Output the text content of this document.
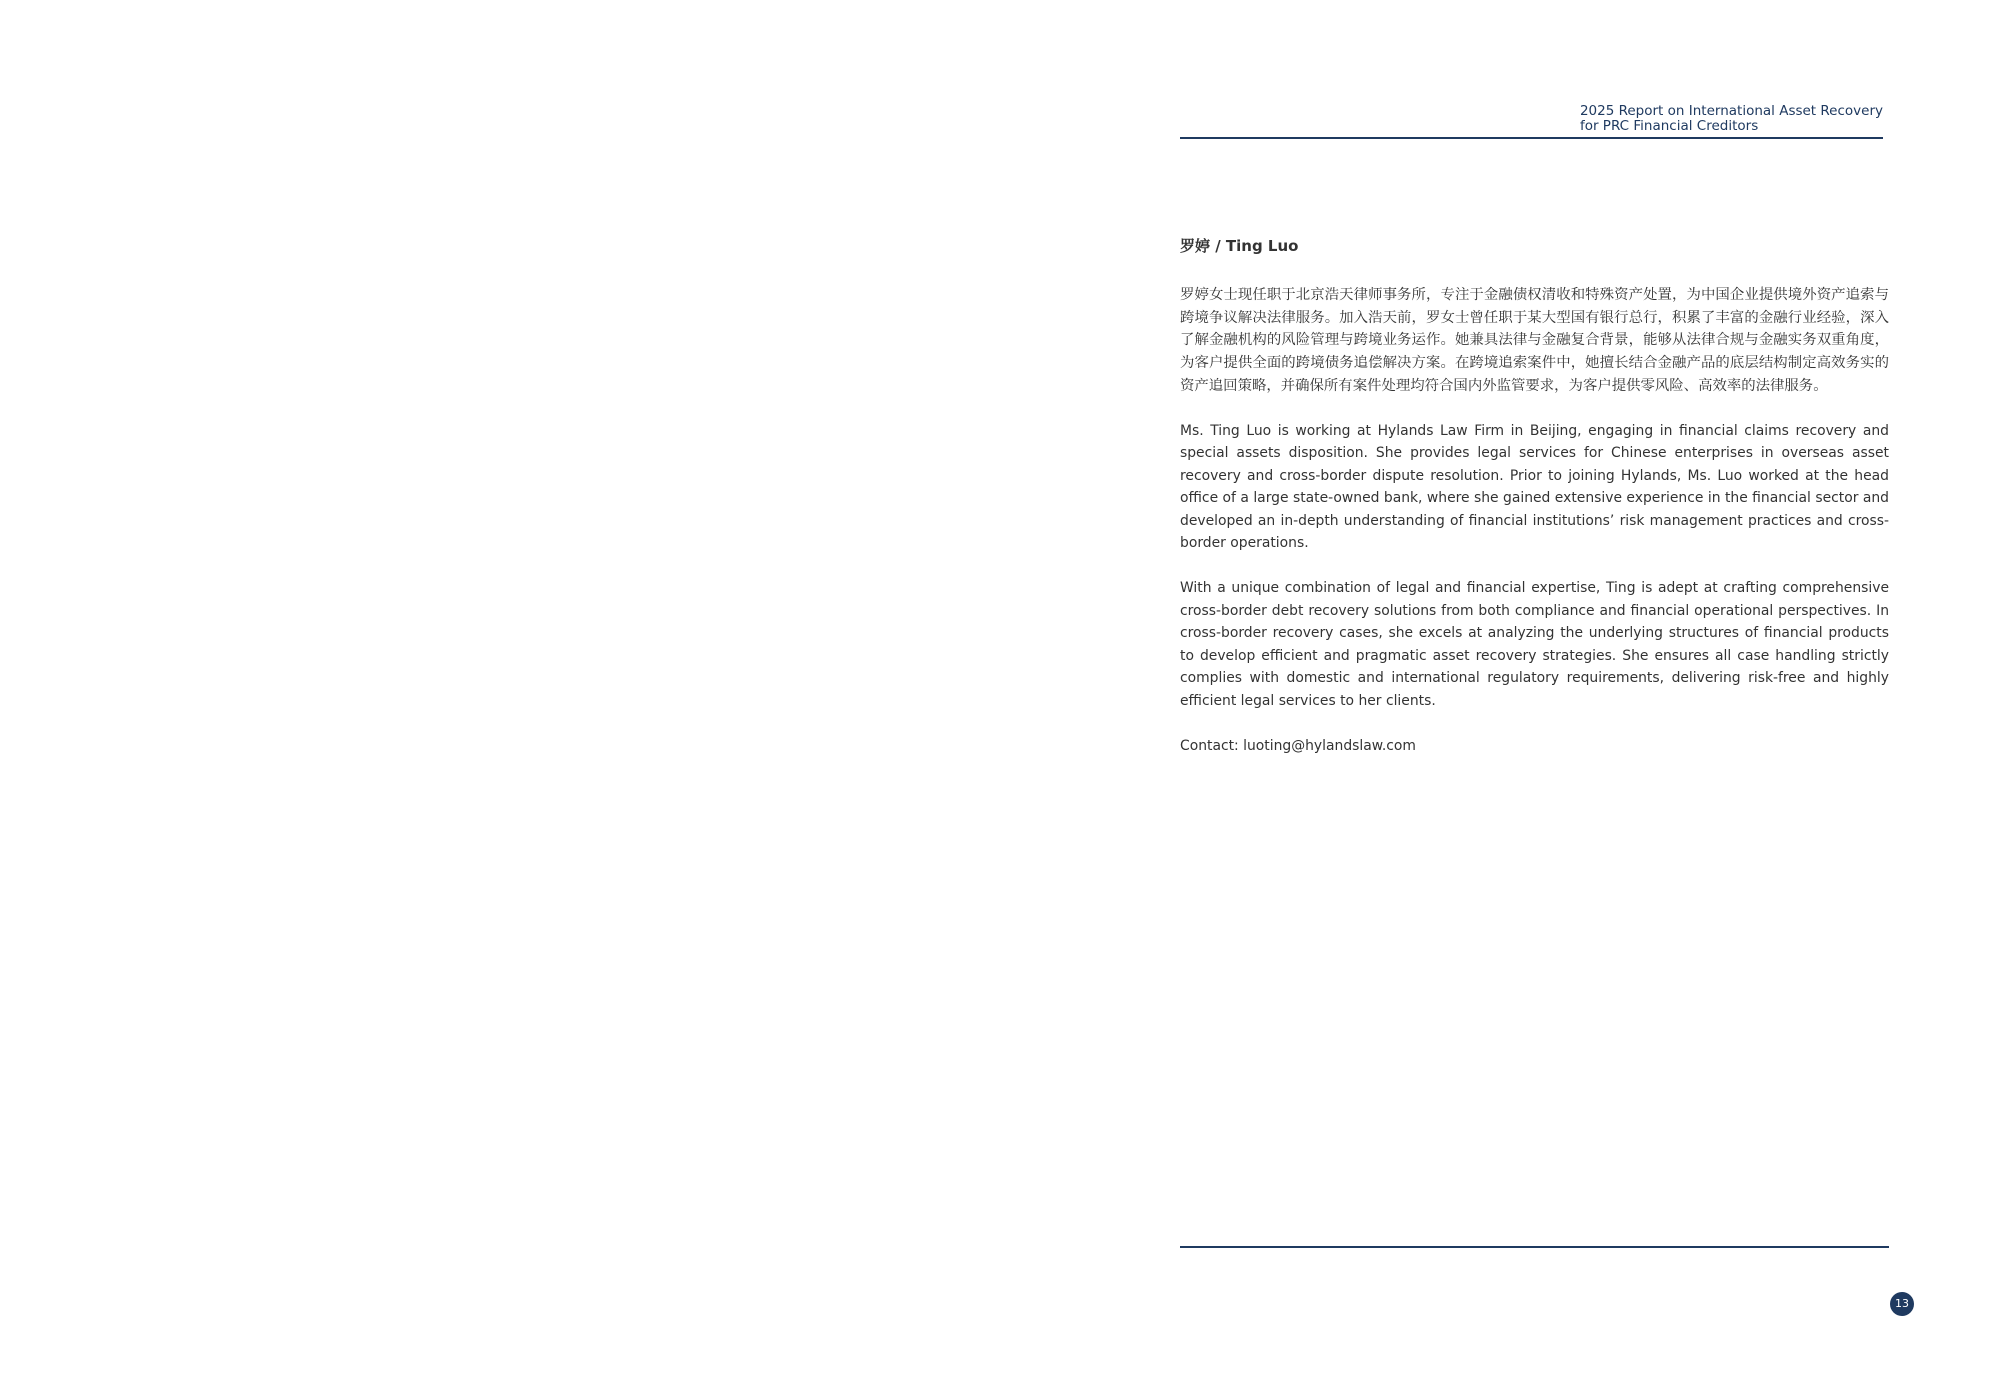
2025 Report on International Asset Recovery
for PRC Financial Creditors

罗婷 / Ting Luo

罗婷女士现任职于北京浩天律师事务所，专注于金融债权清收和特殊资产处置，为中国企业提供境外资产追索与跨境争议解决法律服务。加入浩天前，罗女士曾任职于某大型国有银行总行，积累了丰富的金融行业经验，深入了解金融机构的风险管理与跨境业务运作。她兼具法律与金融复合背景，能够从法律合规与金融实务双重角度，为客户提供全面的跨境债务追偿解决方案。在跨境追索案件中，她擅长结合金融产品的底层结构制定高效务实的资产追回策略，并确保所有案件处理均符合国内外监管要求，为客户提供零风险、高效率的法律服务。

Ms. Ting Luo is working at Hylands Law Firm in Beijing, engaging in financial claims recovery and special assets disposition. She provides legal services for Chinese enterprises in overseas asset recovery and cross-border dispute resolution. Prior to joining Hylands, Ms. Luo worked at the head office of a large state-owned bank, where she gained extensive experience in the financial sector and developed an in-depth understanding of financial institutions’ risk management practices and cross-border operations.

With a unique combination of legal and financial expertise, Ting is adept at crafting comprehensive cross-border debt recovery solutions from both compliance and financial operational perspectives. In cross-border recovery cases, she excels at analyzing the underlying structures of financial products to develop efficient and pragmatic asset recovery strategies. She ensures all case handling strictly complies with domestic and international regulatory requirements, delivering risk-free and highly efficient legal services to her clients.

Contact: luoting@hylandslaw.com

13
